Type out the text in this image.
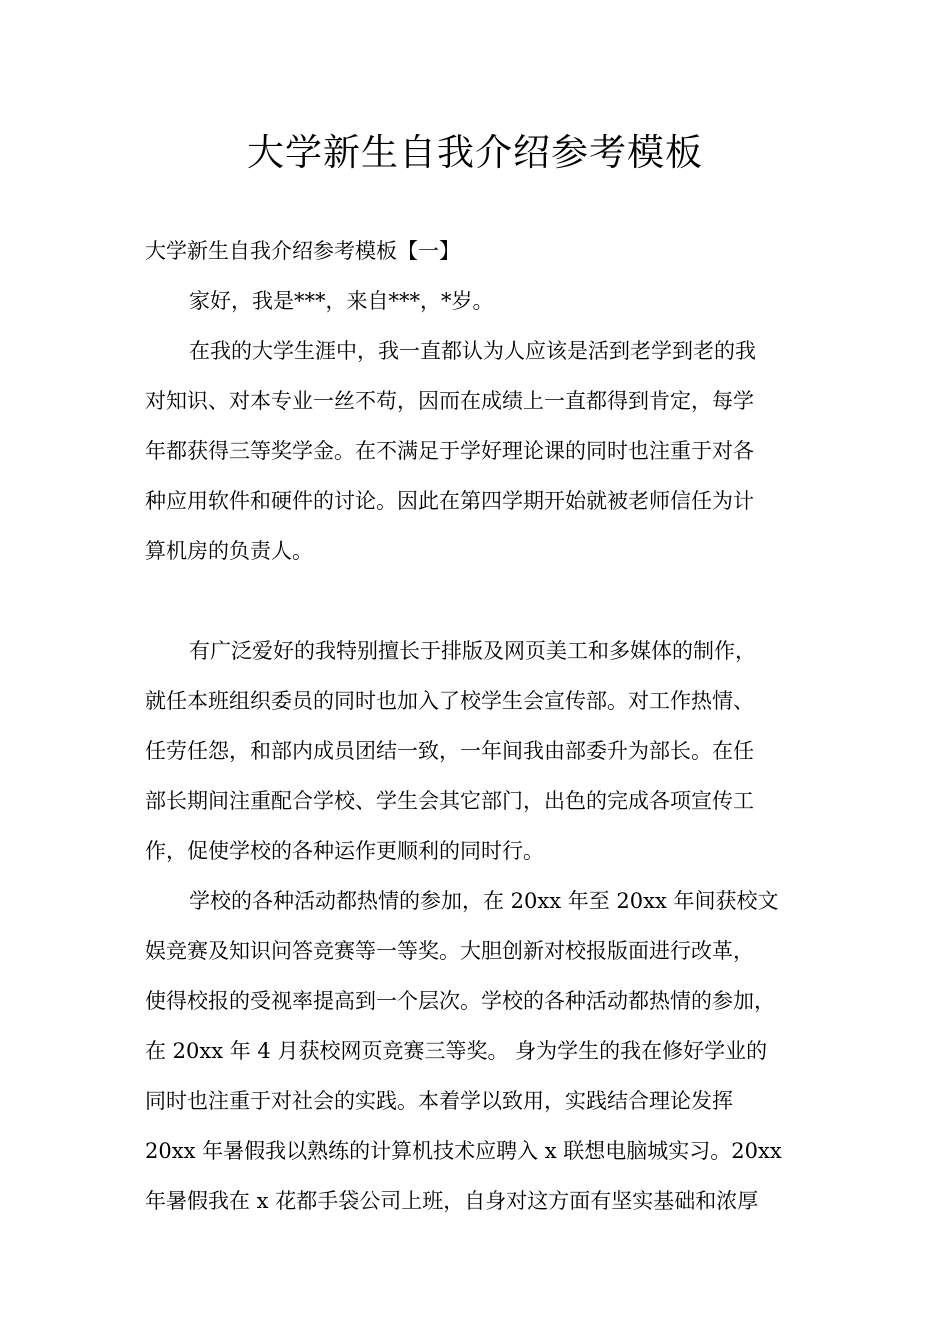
大学新生自我介绍参考模板
大学新生自我介绍参考模板【一】
家好，我是***，来自***，*岁。
在我的大学生涯中，我一直都认为人应该是活到老学到老的我
对知识、对本专业一丝不苟，因而在成绩上一直都得到肯定，每学
年都获得三等奖学金。在不满足于学好理论课的同时也注重于对各
种应用软件和硬件的讨论。因此在第四学期开始就被老师信任为计
算机房的负责人。
有广泛爱好的我特别擅长于排版及网页美工和多媒体的制作，
就任本班组织委员的同时也加入了校学生会宣传部。对工作热情、
任劳任怨，和部内成员团结一致，一年间我由部委升为部长。在任
部长期间注重配合学校、学生会其它部门，出色的完成各项宣传工
作，促使学校的各种运作更顺利的同时行。
学校的各种活动都热情的参加，在 20xx 年至 20xx 年间获校文
娱竞赛及知识问答竞赛等一等奖。大胆创新对校报版面进行改革，
使得校报的受视率提高到一个层次。学校的各种活动都热情的参加，
在 20xx 年 4 月获校网页竞赛三等奖。 身为学生的我在修好学业的
同时也注重于对社会的实践。本着学以致用，实践结合理论发挥
20xx 年暑假我以熟练的计算机技术应聘入 x 联想电脑城实习。20xx
年暑假我在 x 花都手袋公司上班，自身对这方面有坚实基础和浓厚
